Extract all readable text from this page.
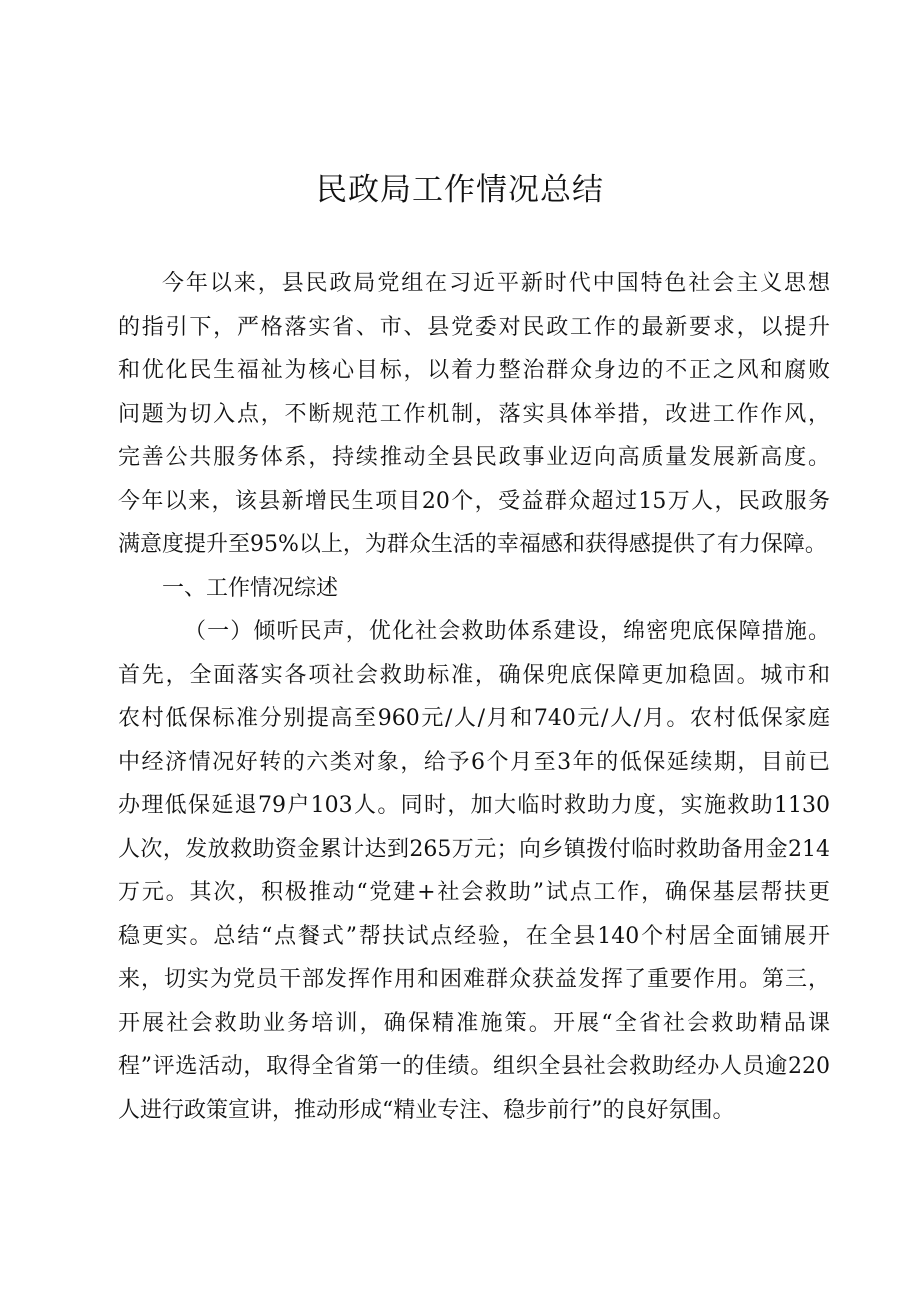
民政局工作情况总结
今年以来，县民政局党组在习近平新时代中国特色社会主义思想
的指引下，严格落实省、市、县党委对民政工作的最新要求，以提升
和优化民生福祉为核心目标，以着力整治群众身边的不正之风和腐败
问题为切入点，不断规范工作机制，落实具体举措，改进工作作风，
完善公共服务体系，持续推动全县民政事业迈向高质量发展新高度。
今年以来，该县新增民生项目20个，受益群众超过15万人，民政服务
满意度提升至95%以上，为群众生活的幸福感和获得感提供了有力保障。
一、工作情况综述
（一）倾听民声，优化社会救助体系建设，绵密兜底保障措施。
首先，全面落实各项社会救助标准，确保兜底保障更加稳固。城市和
农村低保标准分别提高至960元/人/月和740元/人/月。农村低保家庭
中经济情况好转的六类对象，给予6个月至3年的低保延续期，目前已
办理低保延退79户103人。同时，加大临时救助力度，实施救助1130
人次，发放救助资金累计达到265万元；向乡镇拨付临时救助备用金214
万元。其次，积极推动“党建+社会救助”试点工作，确保基层帮扶更
稳更实。总结“点餐式”帮扶试点经验，在全县140个村居全面铺展开
来，切实为党员干部发挥作用和困难群众获益发挥了重要作用。第三，
开展社会救助业务培训，确保精准施策。开展“全省社会救助精品课
程”评选活动，取得全省第一的佳绩。组织全县社会救助经办人员逾220
人进行政策宣讲，推动形成“精业专注、稳步前行”的良好氛围。
